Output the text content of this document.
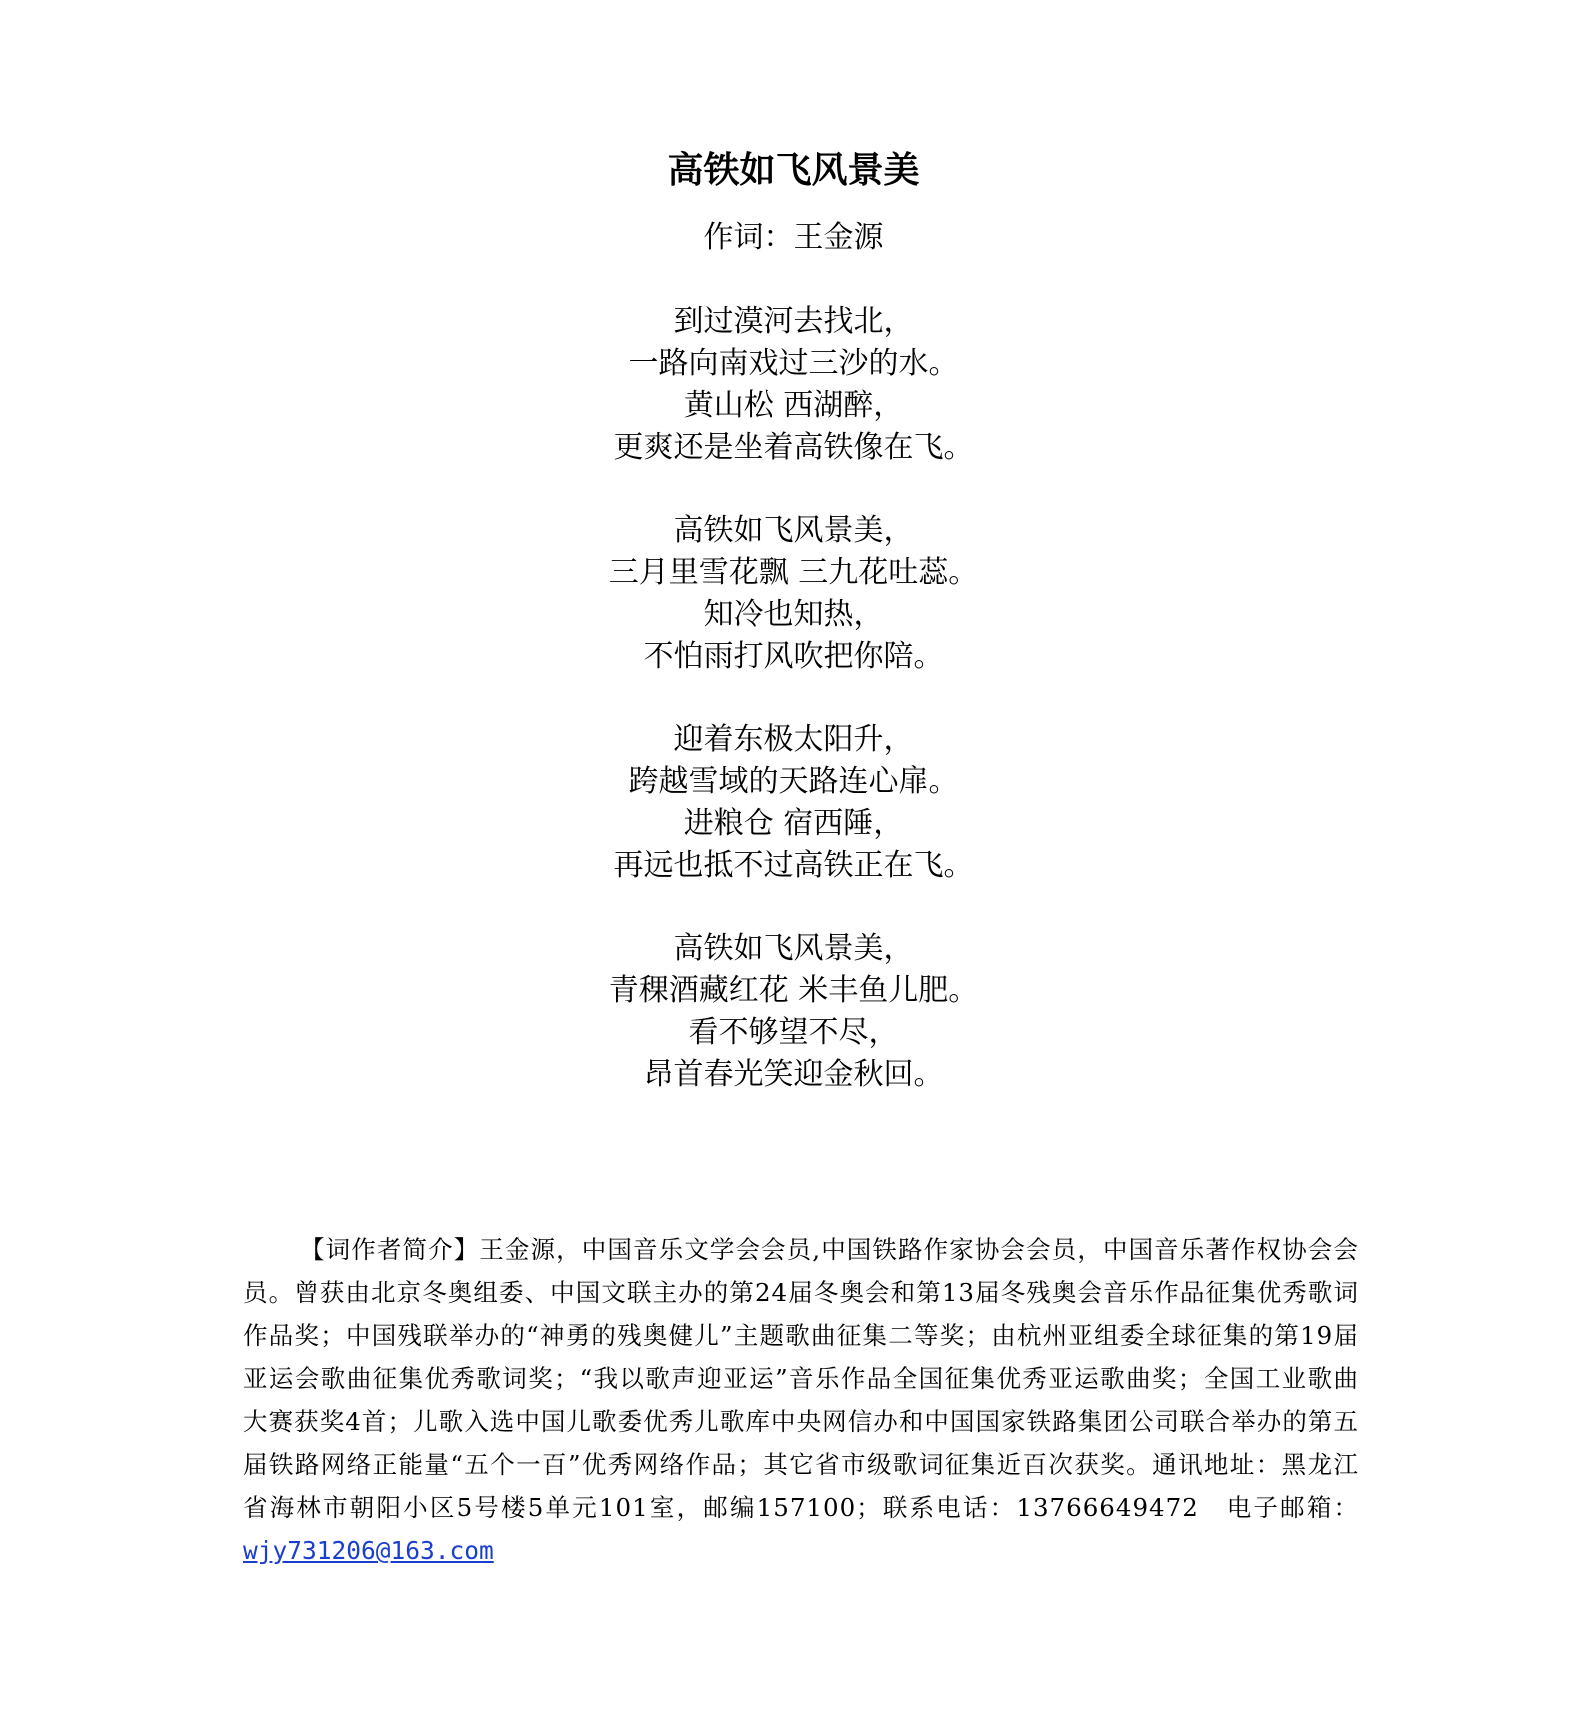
高铁如飞风景美
作词：王金源
到过漠河去找北，
一路向南戏过三沙的水。
黄山松 西湖醉，
更爽还是坐着高铁像在飞。
高铁如飞风景美，
三月里雪花飘 三九花吐蕊。
知冷也知热，
不怕雨打风吹把你陪。
迎着东极太阳升，
跨越雪域的天路连心扉。
进粮仓 宿西陲，
再远也抵不过高铁正在飞。
高铁如飞风景美，
青稞酒藏红花 米丰鱼儿肥。
看不够望不尽，
昂首春光笑迎金秋回。
【词作者简介】王金源，中国音乐文学会会员,中国铁路作家协会会员，中国音乐著作权协会会员。曾获由北京冬奥组委、中国文联主办的第24届冬奥会和第13届冬残奥会音乐作品征集优秀歌词作品奖；中国残联举办的“神勇的残奥健儿”主题歌曲征集二等奖；由杭州亚组委全球征集的第19届亚运会歌曲征集优秀歌词奖；“我以歌声迎亚运”音乐作品全国征集优秀亚运歌曲奖；全国工业歌曲大赛获奖4首；儿歌入选中国儿歌委优秀儿歌库中央网信办和中国国家铁路集团公司联合举办的第五届铁路网络正能量“五个一百”优秀网络作品；其它省市级歌词征集近百次获奖。通讯地址：黑龙江省海林市朝阳小区5号楼5单元101室，邮编157100；联系电话：13766649472　 电子邮箱：wjy731206@163.com
